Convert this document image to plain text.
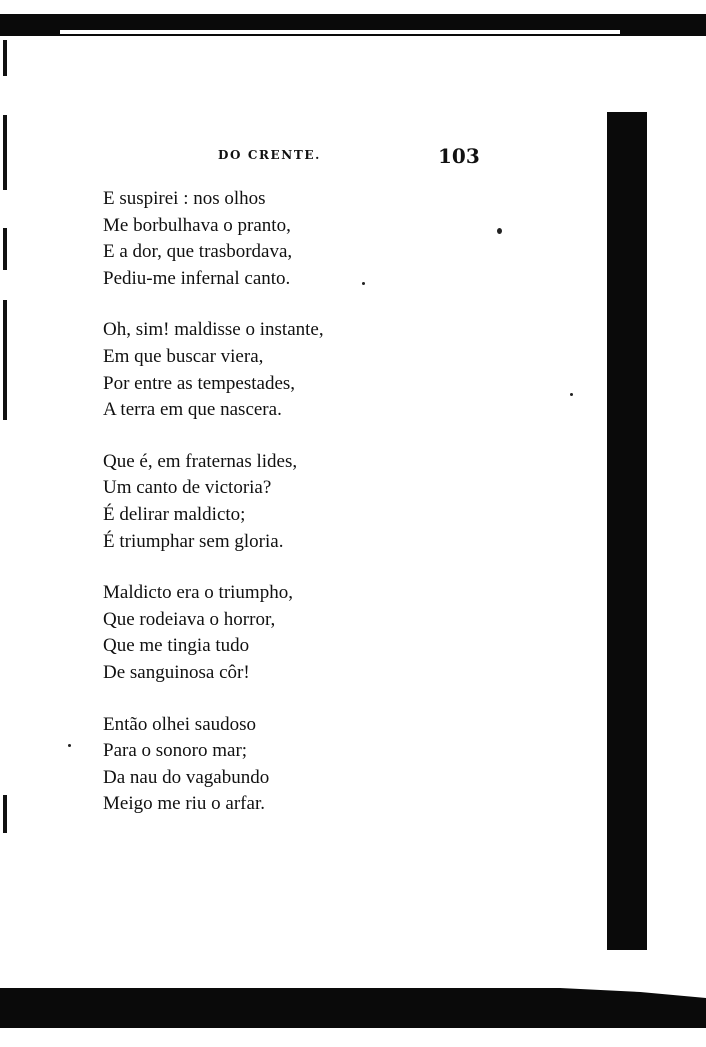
DO CRENTE.	103
E suspirei : nos olhos
Me borbulhava o pranto,
E a dor, que trasbordava,
Pediu-me infernal canto.
Oh, sim! maldisse o instante,
Em que buscar viera,
Por entre as tempestades,
A terra em que nascera.
Que é, em fraternas lides,
Um canto de victoria?
É delirar maldicto;
É triumphar sem gloria.
Maldicto era o triumpho,
Que rodeiava o horror,
Que me tingia tudo
De sanguinosa côr!
Então olhei saudoso
Para o sonoro mar;
Da nau do vagabundo
Meigo me riu o arfar.
